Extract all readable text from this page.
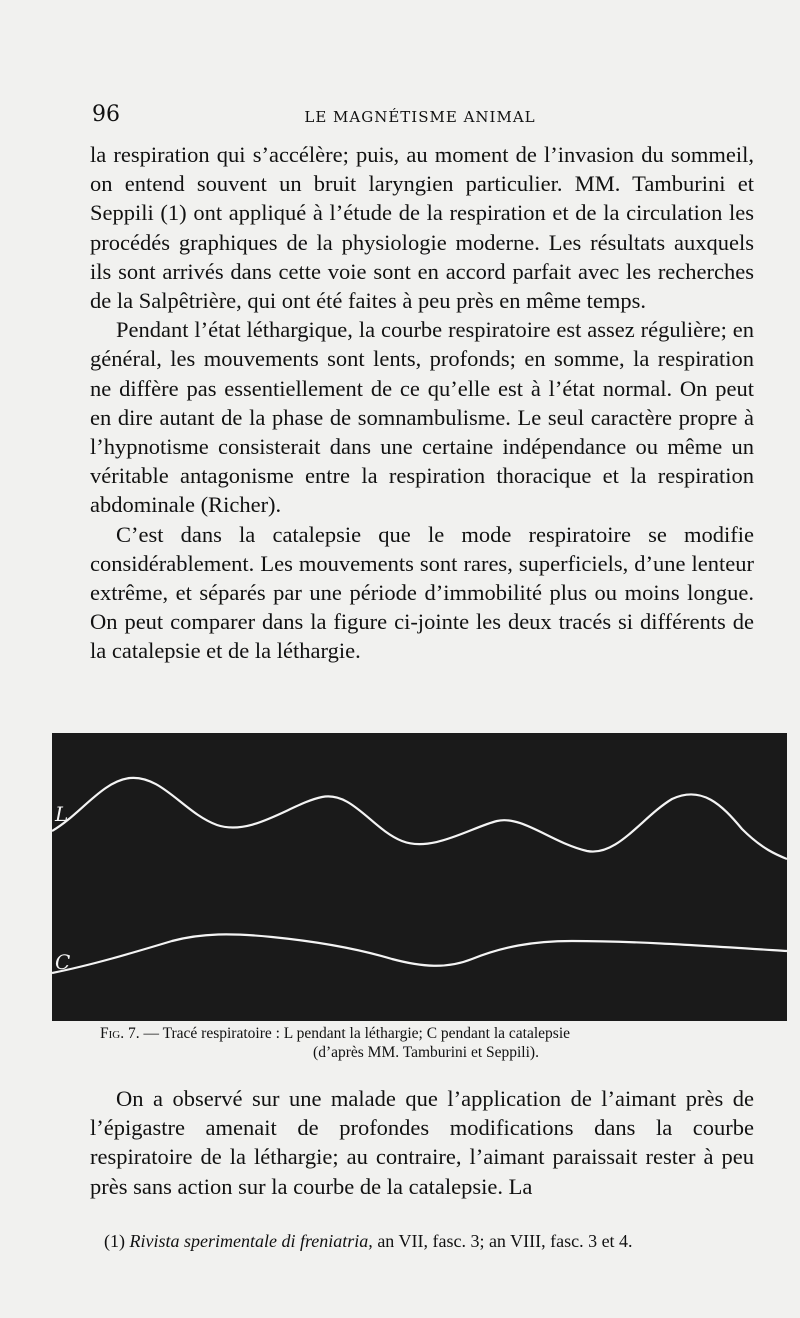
96	LE MAGNÉTISME ANIMAL

la respiration qui s’accélère; puis, au moment de l’invasion du sommeil, on entend souvent un bruit laryngien particulier. MM. Tamburini et Seppili (1) ont appliqué à l’étude de la respiration et de la circulation les procédés graphiques de la physiologie moderne. Les résultats auxquels ils sont arrivés dans cette voie sont en accord parfait avec les recherches de la Salpêtrière, qui ont été faites à peu près en même temps.

Pendant l’état léthargique, la courbe respiratoire est assez régulière; en général, les mouvements sont lents, profonds; en somme, la respiration ne diffère pas essentiellement de ce qu’elle est à l’état normal. On peut en dire autant de la phase de somnambulisme. Le seul caractère propre à l’hypnotisme consisterait dans une certaine indépendance ou même un véritable antagonisme entre la respiration thoracique et la respiration abdominale (Richer).

C’est dans la catalepsie que le mode respiratoire se modifie considérablement. Les mouvements sont rares, superficiels, d’une lenteur extrême, et séparés par une période d’immobilité plus ou moins longue. On peut comparer dans la figure ci-jointe les deux tracés si différents de la catalepsie et de la léthargie.

L
C
Fig. 7. — Tracé respiratoire : L pendant la léthargie; C pendant la catalepsie
(d’après MM. Tamburini et Seppili).

On a observé sur une malade que l’application de l’aimant près de l’épigastre amenait de profondes modifications dans la courbe respiratoire de la léthargie; au contraire, l’aimant paraissait rester à peu près sans action sur la courbe de la catalepsie. La

(1) Rivista sperimentale di freniatria, an VII, fasc. 3; an VIII, fasc. 3 et 4.
